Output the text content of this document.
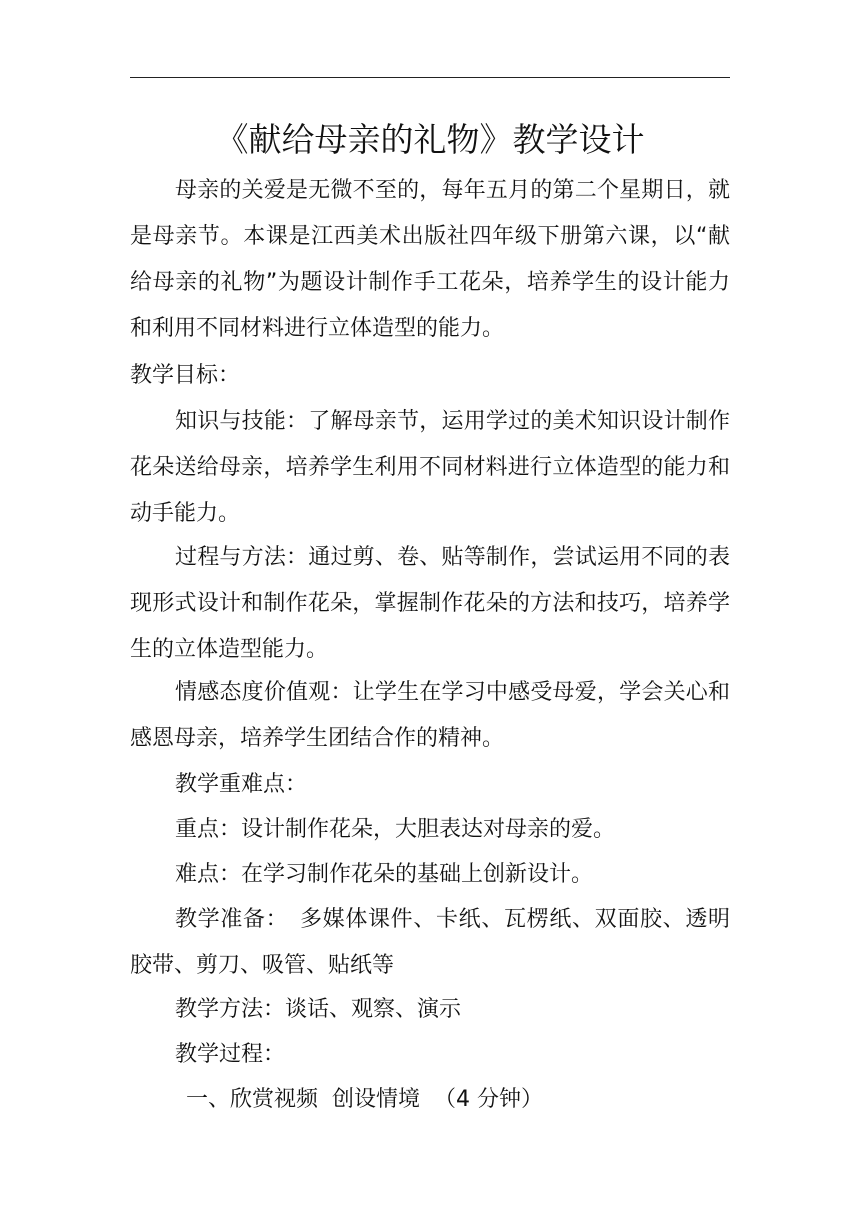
《献给母亲的礼物》教学设计

母亲的关爱是无微不至的，每年五月的第二个星期日，就是母亲节。本课是江西美术出版社四年级下册第六课，以“献给母亲的礼物”为题设计制作手工花朵，培养学生的设计能力和利用不同材料进行立体造型的能力。

教学目标：

知识与技能：了解母亲节，运用学过的美术知识设计制作花朵送给母亲，培养学生利用不同材料进行立体造型的能力和动手能力。

过程与方法：通过剪、卷、贴等制作，尝试运用不同的表现形式设计和制作花朵，掌握制作花朵的方法和技巧，培养学生的立体造型能力。

情感态度价值观：让学生在学习中感受母爱，学会关心和感恩母亲，培养学生团结合作的精神。

教学重难点：

重点：设计制作花朵，大胆表达对母亲的爱。

难点：在学习制作花朵的基础上创新设计。

教学准备：　多媒体课件、卡纸、瓦楞纸、双面胶、透明胶带、剪刀、吸管、贴纸等

教学方法：谈话、观察、演示

教学过程：

一、欣赏视频  创设情境  （4 分钟）
